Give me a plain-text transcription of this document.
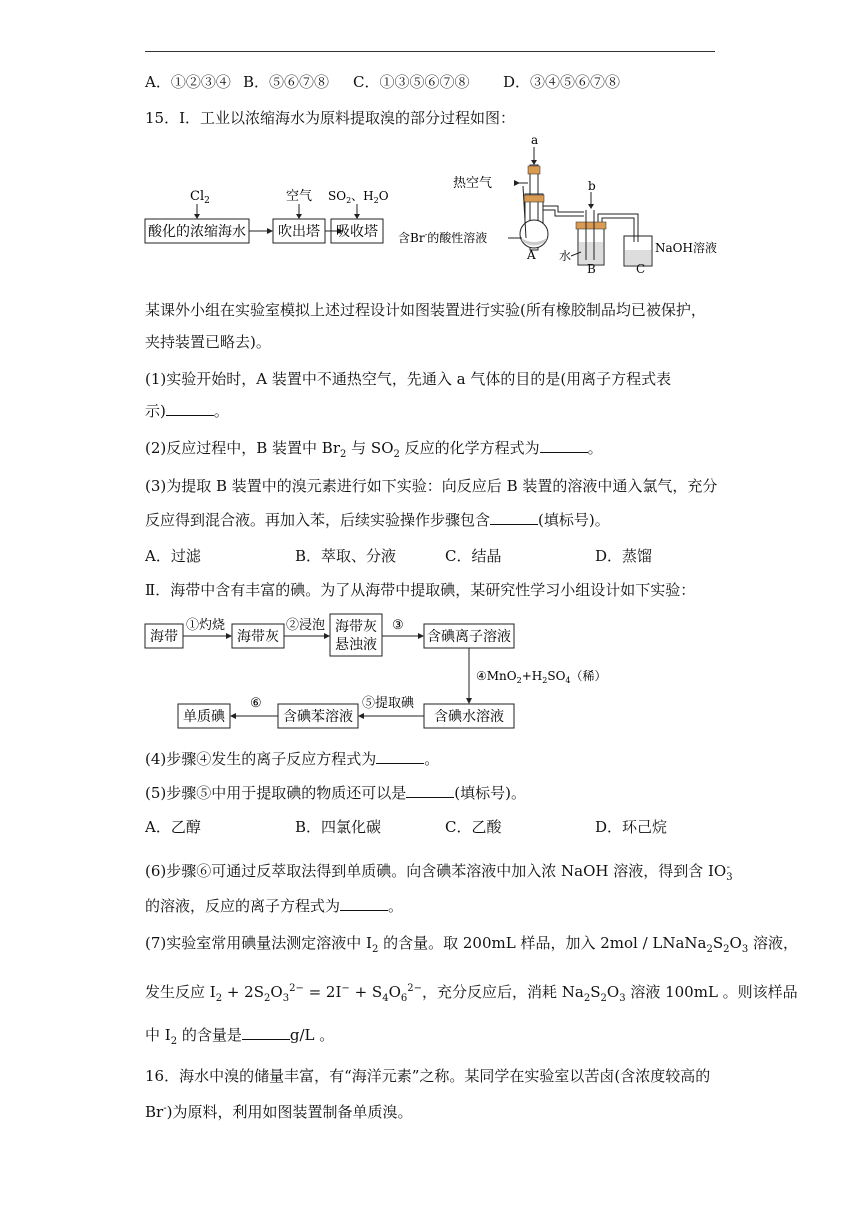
A．①②③④ B．⑤⑥⑦⑧	C．①③⑤⑥⑦⑧	D．③④⑤⑥⑦⑧
15．Ⅰ．工业以浓缩海水为原料提取溴的部分过程如图：
酸化的浓缩海水 吹出塔 吸收塔
$Cl_2$	空气 $SO_2$、$H_2O$
a
热空气
含Br-的酸性溶液
A
b
水
NaOH溶液
B	C
某课外小组在实验室模拟上述过程设计如图装置进行实验(所有橡胶制品均已被保护，
夹持装置已略去)。
(1)实验开始时，A 装置中不通热空气，先通入 a 气体的目的是(用离子方程式表
示)	。
(2)反应过程中，B 装置中 $Br_2$ 与 $SO_2$ 反应的化学方程式为	。
(3)为提取 B 装置中的溴元素进行如下实验：向反应后 B 装置的溶液中通入氯气，充分
反应得到混合液。再加入苯，后续实验操作步骤包含	(填标号)。
A．过滤	B．萃取、分液	C．结晶	D．蒸馏
Ⅱ．海带中含有丰富的碘。为了从海带中提取碘，某研究性学习小组设计如下实验：
海带
①灼烧
海带灰
②浸泡 海带灰
悬浊液
③
含碘离子溶液
$④MnO_2+H_2SO_4$（稀）
含碘水溶液
⑤提取碘
含碘苯溶液
⑥
单质碘
(4)步骤④发生的离子反应方程式为	。
(5)步骤⑤中用于提取碘的物质还可以是	(填标号)。
A．乙醇	B．四氯化碳	C．乙酸	D．环己烷
(6)步骤⑥可通过反萃取法得到单质碘。向含碘苯溶液中加入浓 NaOH 溶液，得到含 $IO_3^-$
的溶液，反应的离子方程式为	。
(7)实验室常用碘量法测定溶液中 $I_2$ 的含量。取 200mL 样品，加入 $2mol / LNaNa_2S_2O_3$ 溶液，
发生反应 $I_2 + 2S_2O_3^{2-} = 2I^- + S_4O_6^{2-}$，充分反应后，消耗 $Na_2S_2O_3$ 溶液 100mL 。则该样品
中 $I_2$ 的含量是	g/L 。
16．海水中溴的储量丰富，有“海洋元素”之称。某同学在实验室以苦卤(含浓度较高的
Br-)为原料，利用如图装置制备单质溴。
